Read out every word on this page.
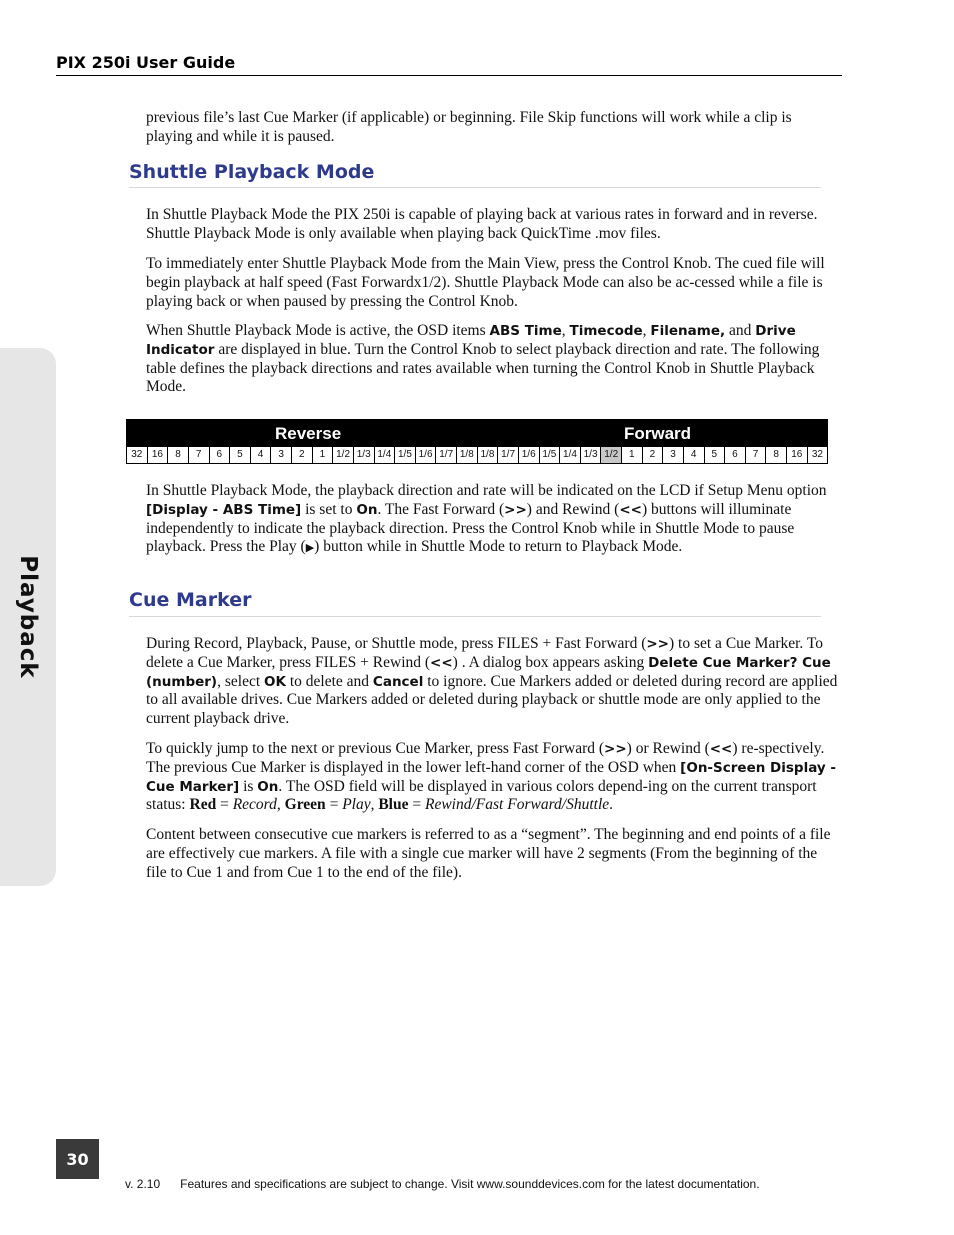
PIX 250i User Guide
Playback

previous file’s last Cue Marker (if applicable) or beginning. File Skip functions will work while a clip is playing and while it is paused.

Shuttle Playback Mode

In Shuttle Playback Mode the PIX 250i is capable of playing back at various rates in forward and in reverse. Shuttle Playback Mode is only available when playing back QuickTime .mov files.

To immediately enter Shuttle Playback Mode from the Main View, press the Control Knob. The cued file will begin playback at half speed (Fast Forwardx1/2). Shuttle Playback Mode can also be ac-cessed while a file is playing back or when paused by pressing the Control Knob.

When Shuttle Playback Mode is active, the OSD items ABS Time, Timecode, Filename, and Drive Indicator are displayed in blue. Turn the Control Knob to select playback direction and rate. The following table defines the playback directions and rates available when turning the Control Knob in Shuttle Playback Mode.

Reverse	Forward
32 16	8	7	6	5	4	3	2	1	1/2 1/3 1/4 1/5 1/6 1/7 1/8 1/8 1/7 1/6 1/5 1/4 1/3 1/2	1	2	3	4	5	6	7	8	16 32

In Shuttle Playback Mode, the playback direction and rate will be indicated on the LCD if Setup Menu option [Display - ABS Time] is set to On. The Fast Forward (>>) and Rewind (<<) buttons will illuminate independently to indicate the playback direction. Press the Control Knob while in Shuttle Mode to pause playback. Press the Play (▶) button while in Shuttle Mode to return to Playback Mode.

Cue Marker

During Record, Playback, Pause, or Shuttle mode, press FILES + Fast Forward (>>) to set a Cue Marker. To delete a Cue Marker, press FILES + Rewind (<<) . A dialog box appears asking Delete Cue Marker? Cue (number), select OK to delete and Cancel to ignore. Cue Markers added or deleted during record are applied to all available drives. Cue Markers added or deleted during playback or shuttle mode are only applied to the current playback drive.

To quickly jump to the next or previous Cue Marker, press Fast Forward (>>) or Rewind (<<) re-spectively. The previous Cue Marker is displayed in the lower left-hand corner of the OSD when [On-Screen Display - Cue Marker] is On. The OSD field will be displayed in various colors depend-ing on the current transport status: Red = Record, Green = Play, Blue = Rewind/Fast Forward/Shuttle.

Content between consecutive cue markers is referred to as a “segment”. The beginning and end points of a file are effectively cue markers. A file with a single cue marker will have 2 segments (From the beginning of the file to Cue 1 and from Cue 1 to the end of the file).

30
v. 2.10 Features and specifications are subject to change. Visit www.sounddevices.com for the latest documentation.
